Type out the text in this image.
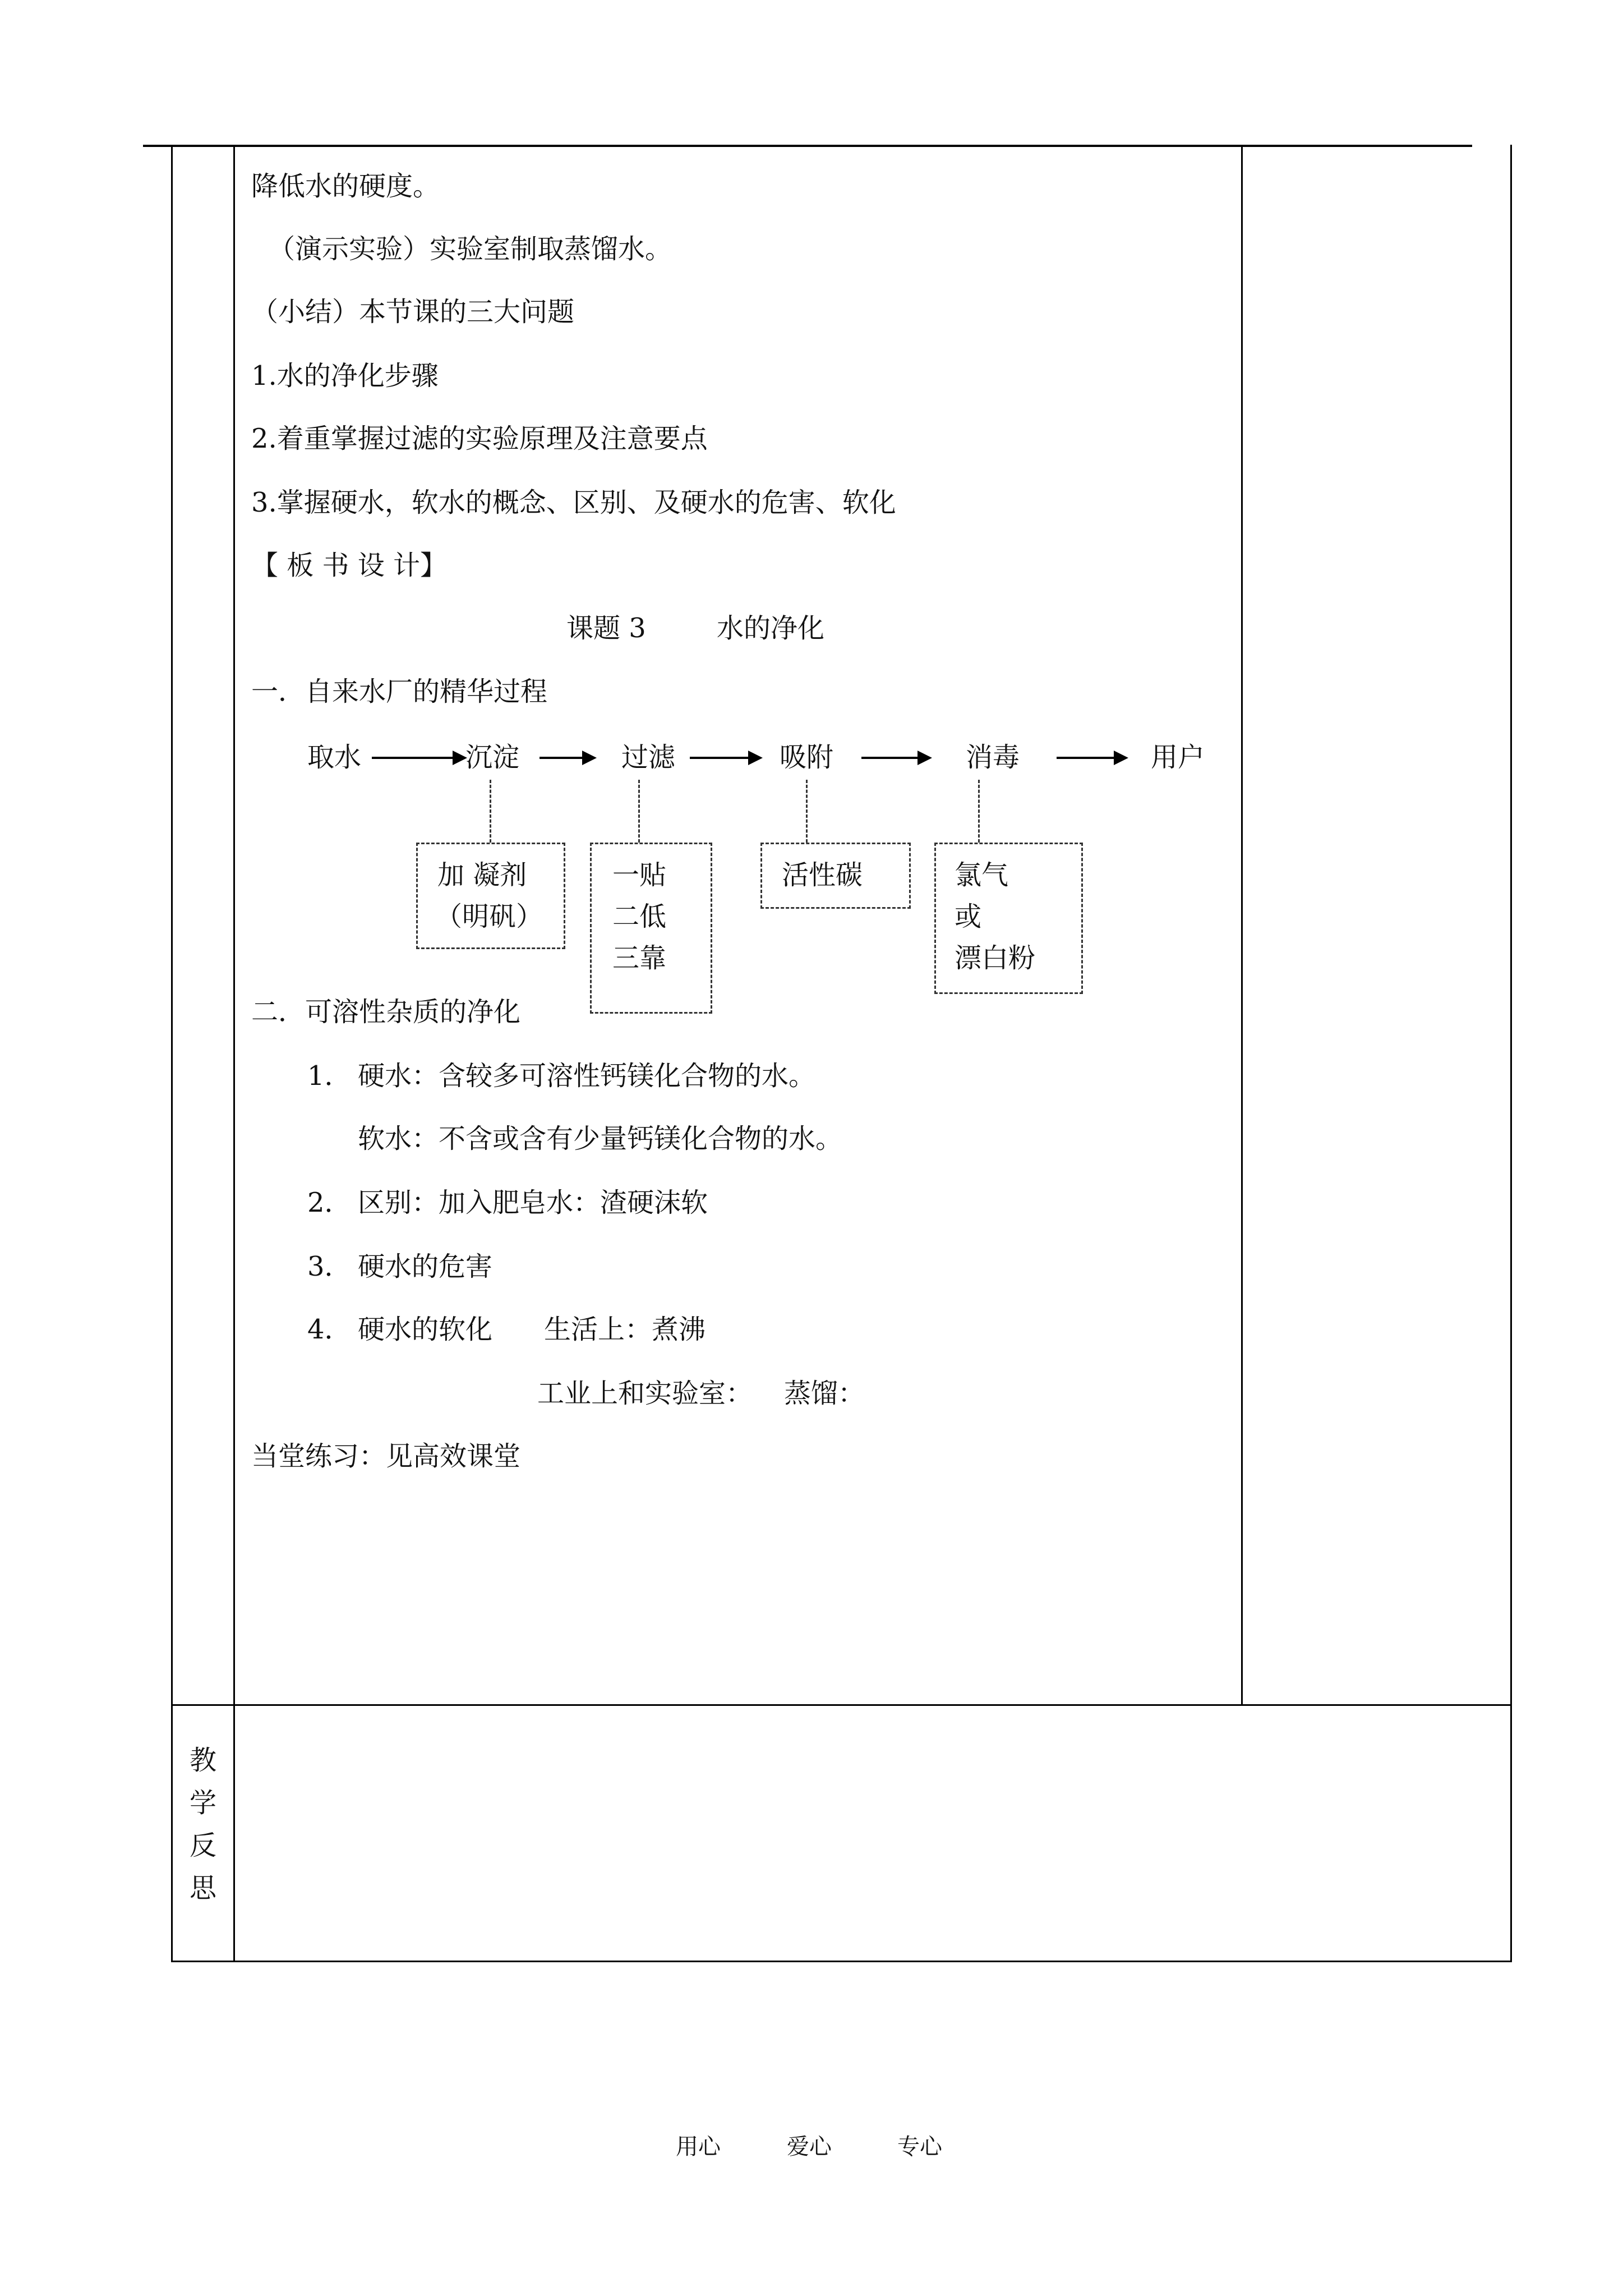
降低水的硬度。
（演示实验）实验室制取蒸馏水。
（小结）本节课的三大问题
1.水的净化步骤
2.着重掌握过滤的实验原理及注意要点
3.掌握硬水，软水的概念、区别、及硬水的危害、软化
【 板 书 设 计】
课题 3	水的净化
一．自来水厂的精华过程
取水	沉淀	过滤	吸附	消毒	用户
加 凝剂
（明矾）
一贴
二低
三靠
活性碳	氯气
或
漂白粉
二．可溶性杂质的净化
1． 硬水：含较多可溶性钙镁化合物的水。
软水：不含或含有少量钙镁化合物的水。
2． 区别：加入肥皂水：渣硬沫软
3． 硬水的危害
4． 硬水的软化 生活上：煮沸
工业上和实验室： 蒸馏：
当堂练习：见高效课堂
教
学
反
思
用心	爱心	专心
